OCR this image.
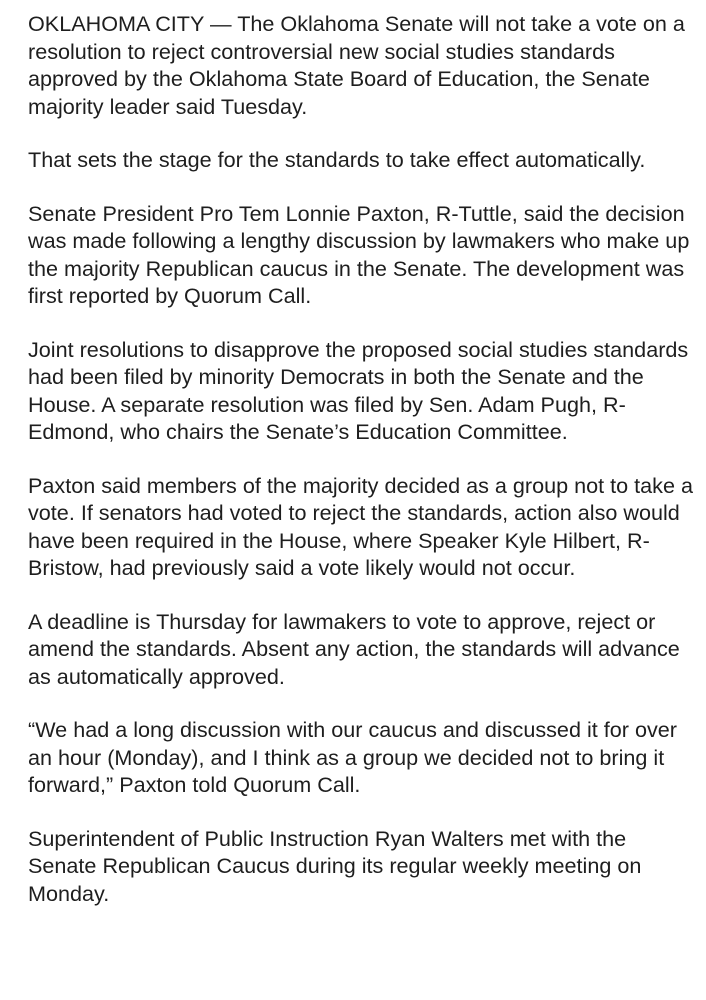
OKLAHOMA CITY — The Oklahoma Senate will not take a vote on a resolution to reject controversial new social studies standards approved by the Oklahoma State Board of Education, the Senate majority leader said Tuesday.

That sets the stage for the standards to take effect automatically.

Senate President Pro Tem Lonnie Paxton, R-Tuttle, said the decision was made following a lengthy discussion by lawmakers who make up the majority Republican caucus in the Senate. The development was first reported by Quorum Call.

Joint resolutions to disapprove the proposed social studies standards had been filed by minority Democrats in both the Senate and the House. A separate resolution was filed by Sen. Adam Pugh, R-Edmond, who chairs the Senate’s Education Committee.

Paxton said members of the majority decided as a group not to take a vote. If senators had voted to reject the standards, action also would have been required in the House, where Speaker Kyle Hilbert, R-Bristow, had previously said a vote likely would not occur.

A deadline is Thursday for lawmakers to vote to approve, reject or amend the standards. Absent any action, the standards will advance as automatically approved.

“We had a long discussion with our caucus and discussed it for over an hour (Monday), and I think as a group we decided not to bring it forward,” Paxton told Quorum Call.

Superintendent of Public Instruction Ryan Walters met with the Senate Republican Caucus during its regular weekly meeting on Monday.
